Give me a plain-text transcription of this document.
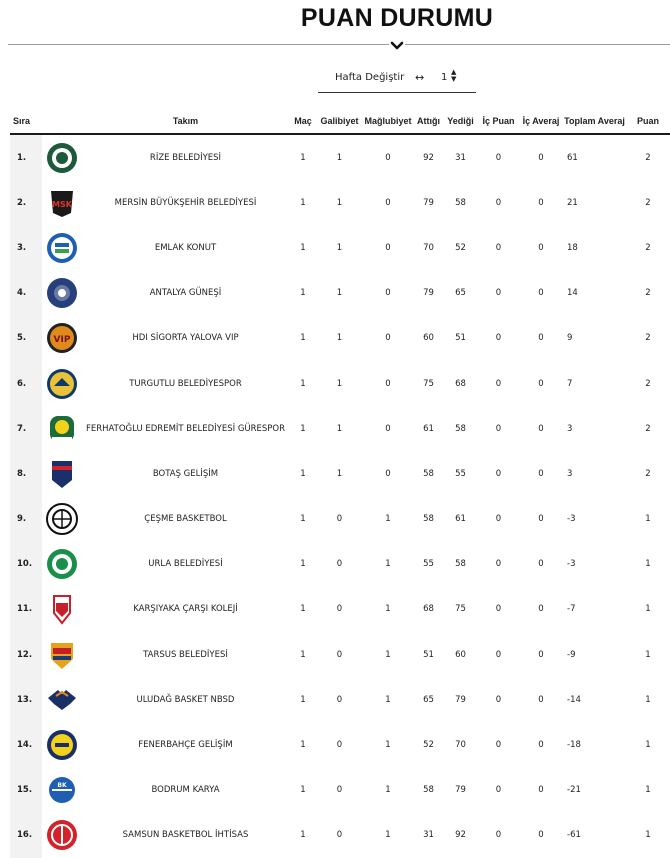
PUAN DURUMU
Hafta Değiştir ↔ 1 ▲
▼
Sıra		Takım	Maç	Galibiyet	Mağlubiyet	Attığı	Yediği	İç Puan	İç Averaj	Toplam Averaj	Puan
1.		RİZE BELEDİYESİ	1	1	0	92	31	0	0	61	2
2.	MSK	MERSİN BÜYÜKŞEHİR BELEDİYESİ	1	1	0	79	58	0	0	21	2
3.		EMLAK KONUT	1	1	0	70	52	0	0	18	2
4.		ANTALYA GÜNEŞİ	1	1	0	79	65	0	0	14	2
5.	VIP	HDI SİGORTA YALOVA VIP	1	1	0	60	51	0	0	9	2
6.		TURGUTLU BELEDİYESPOR	1	1	0	75	68	0	0	7	2
7.		FERHATOĞLU EDREMİT BELEDİYESİ GÜRESPOR	1	1	0	61	58	0	0	3	2
8.		BOTAŞ GELİŞİM	1	1	0	58	55	0	0	3	2
9.		ÇEŞME BASKETBOL	1	0	1	58	61	0	0	-3	1
10.		URLA BELEDİYESİ	1	0	1	55	58	0	0	-3	1
11.		KARŞIYAKA ÇARŞI KOLEJİ	1	0	1	68	75	0	0	-7	1
12.		TARSUS BELEDİYESİ	1	0	1	51	60	0	0	-9	1
13.		ULUDAĞ BASKET NBSD	1	0	1	65	79	0	0	-14	1
14.		FENERBAHÇE GELİŞİM	1	0	1	52	70	0	0	-18	1
15.	BK	BODRUM KARYA	1	0	1	58	79	0	0	-21	1
16.		SAMSUN BASKETBOL İHTİSAS	1	0	1	31	92	0	0	-61	1
